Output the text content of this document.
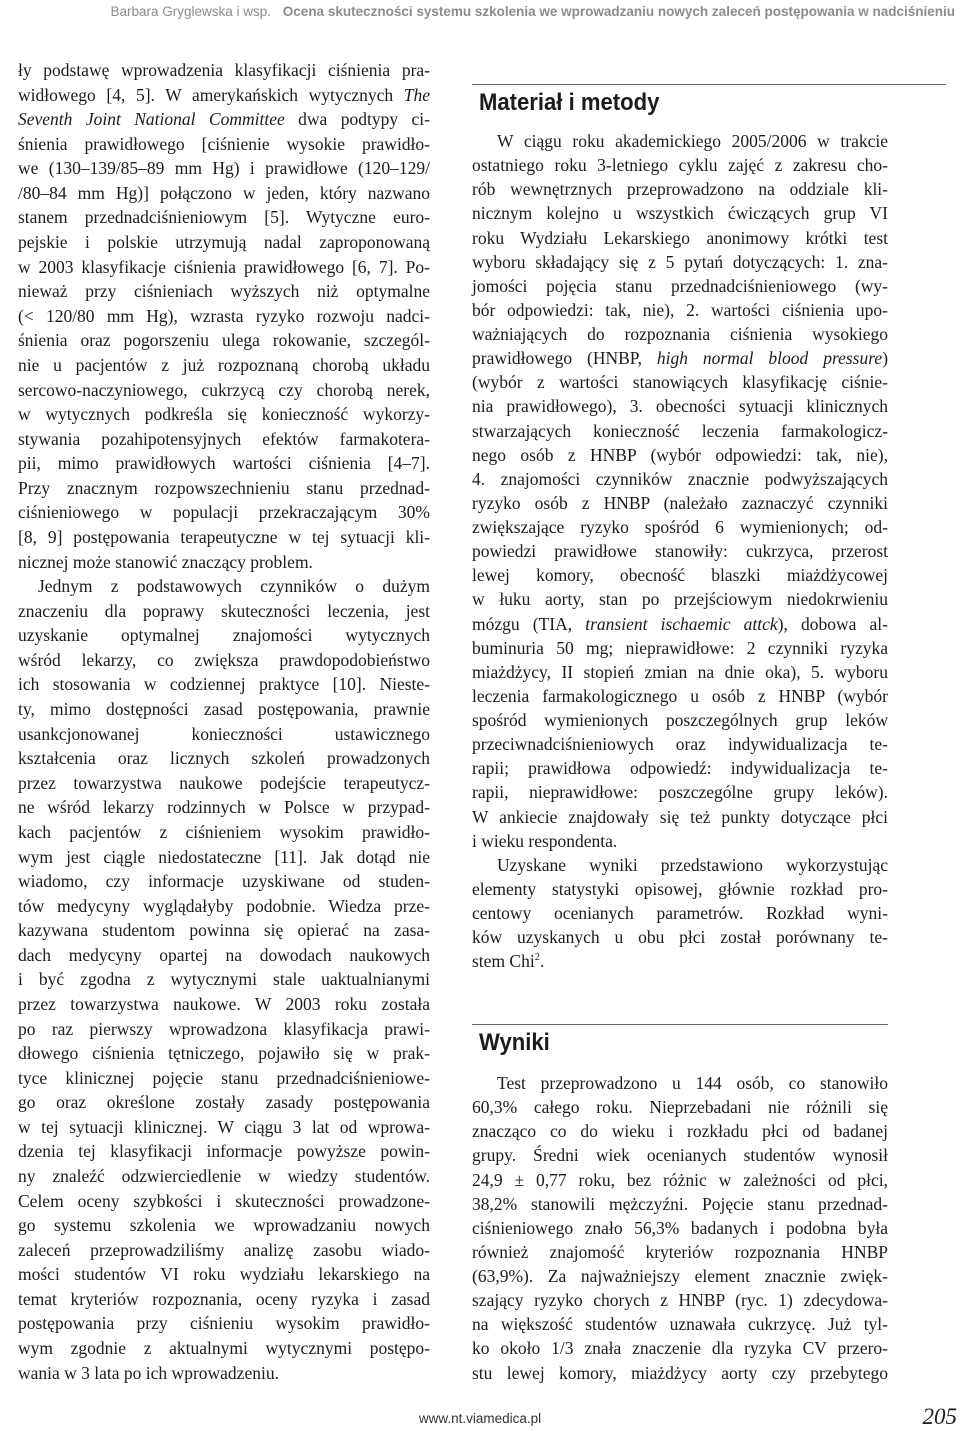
Barbara Gryglewska i wsp. Ocena skuteczności systemu szkolenia we wprowadzaniu nowych zaleceń postępowania w nadciśnieniu
ły podstawę wprowadzenia klasyfikacji ciśnienia pra-
widłowego [4, 5]. W amerykańskich wytycznych The
Seventh Joint National Committee dwa podtypy ci-
śnienia prawidłowego [ciśnienie wysokie prawidło-
we (130–139/85–89 mm Hg) i prawidłowe (120–129/
/80–84 mm Hg)] połączono w jeden, który nazwano
stanem przednadciśnieniowym [5]. Wytyczne euro-
pejskie i polskie utrzymują nadal zaproponowaną
w 2003 klasyfikacje ciśnienia prawidłowego [6, 7]. Po-
nieważ przy ciśnieniach wyższych niż optymalne
(< 120/80 mm Hg), wzrasta ryzyko rozwoju nadci-
śnienia oraz pogorszeniu ulega rokowanie, szczegól-
nie u pacjentów z już rozpoznaną chorobą układu
sercowo-naczyniowego, cukrzycą czy chorobą nerek,
w wytycznych podkreśla się konieczność wykorzy-
stywania pozahipotensyjnych efektów farmakotera-
pii, mimo prawidłowych wartości ciśnienia [4–7].
Przy znacznym rozpowszechnieniu stanu przednad-
ciśnieniowego w populacji przekraczającym 30%
[8, 9] postępowania terapeutyczne w tej sytuacji kli-
nicznej może stanowić znaczący problem.
Jednym z podstawowych czynników o dużym
znaczeniu dla poprawy skuteczności leczenia, jest
uzyskanie optymalnej znajomości wytycznych
wśród lekarzy, co zwiększa prawdopodobieństwo
ich stosowania w codziennej praktyce [10]. Nieste-
ty, mimo dostępności zasad postępowania, prawnie
usankcjonowanej konieczności ustawicznego
kształcenia oraz licznych szkoleń prowadzonych
przez towarzystwa naukowe podejście terapeutycz-
ne wśród lekarzy rodzinnych w Polsce w przypad-
kach pacjentów z ciśnieniem wysokim prawidło-
wym jest ciągle niedostateczne [11]. Jak dotąd nie
wiadomo, czy informacje uzyskiwane od studen-
tów medycyny wyglądałyby podobnie. Wiedza prze-
kazywana studentom powinna się opierać na zasa-
dach medycyny opartej na dowodach naukowych
i być zgodna z wytycznymi stale uaktualnianymi
przez towarzystwa naukowe. W 2003 roku została
po raz pierwszy wprowadzona klasyfikacja prawi-
dłowego ciśnienia tętniczego, pojawiło się w prak-
tyce klinicznej pojęcie stanu przednadciśnieniowe-
go oraz określone zostały zasady postępowania
w tej sytuacji klinicznej. W ciągu 3 lat od wprowa-
dzenia tej klasyfikacji informacje powyższe powin-
ny znaleźć odzwierciedlenie w wiedzy studentów.
Celem oceny szybkości i skuteczności prowadzone-
go systemu szkolenia we wprowadzaniu nowych
zaleceń przeprowadziliśmy analizę zasobu wiado-
mości studentów VI roku wydziału lekarskiego na
temat kryteriów rozpoznania, oceny ryzyka i zasad
postępowania przy ciśnieniu wysokim prawidło-
wym zgodnie z aktualnymi wytycznymi postępo-
wania w 3 lata po ich wprowadzeniu.
Materiał i metody
W ciągu roku akademickiego 2005/2006 w trakcie
ostatniego roku 3-letniego cyklu zajęć z zakresu cho-
rób wewnętrznych przeprowadzono na oddziale kli-
nicznym kolejno u wszystkich ćwiczących grup VI
roku Wydziału Lekarskiego anonimowy krótki test
wyboru składający się z 5 pytań dotyczących: 1. zna-
jomości pojęcia stanu przednadciśnieniowego (wy-
bór odpowiedzi: tak, nie), 2. wartości ciśnienia upo-
ważniających do rozpoznania ciśnienia wysokiego
prawidłowego (HNBP, high normal blood pressure)
(wybór z wartości stanowiących klasyfikację ciśnie-
nia prawidłowego), 3. obecności sytuacji klinicznych
stwarzających konieczność leczenia farmakologicz-
nego osób z HNBP (wybór odpowiedzi: tak, nie),
4. znajomości czynników znacznie podwyższających
ryzyko osób z HNBP (należało zaznaczyć czynniki
zwiększające ryzyko spośród 6 wymienionych; od-
powiedzi prawidłowe stanowiły: cukrzyca, przerost
lewej komory, obecność blaszki miażdżycowej
w łuku aorty, stan po przejściowym niedokrwieniu
mózgu (TIA, transient ischaemic attck), dobowa al-
buminuria 50 mg; nieprawidłowe: 2 czynniki ryzyka
miażdżycy, II stopień zmian na dnie oka), 5. wyboru
leczenia farmakologicznego u osób z HNBP (wybór
spośród wymienionych poszczególnych grup leków
przeciwnadciśnieniowych oraz indywidualizacja te-
rapii; prawidłowa odpowiedź: indywidualizacja te-
rapii, nieprawidłowe: poszczególne grupy leków).
W ankiecie znajdowały się też punkty dotyczące płci
i wieku respondenta.
Uzyskane wyniki przedstawiono wykorzystując
elementy statystyki opisowej, głównie rozkład pro-
centowy ocenianych parametrów. Rozkład wyni-
ków uzyskanych u obu płci został porównany te-
stem Chi$^2$.
Wyniki
Test przeprowadzono u 144 osób, co stanowiło
60,3% całego roku. Nieprzebadani nie różnili się
znacząco co do wieku i rozkładu płci od badanej
grupy. Średni wiek ocenianych studentów wynosił
24,9 ± 0,77 roku, bez różnic w zależności od płci,
38,2% stanowili mężczyźni. Pojęcie stanu przednad-
ciśnieniowego znało 56,3% badanych i podobna była
również znajomość kryteriów rozpoznania HNBP
(63,9%). Za najważniejszy element znacznie zwięk-
szający ryzyko chorych z HNBP (ryc. 1) zdecydowa-
na większość studentów uznawała cukrzycę. Już tyl-
ko około 1/3 znała znaczenie dla ryzyka CV przero-
stu lewej komory, miażdżycy aorty czy przebytego
www.nt.viamedica.pl	205
